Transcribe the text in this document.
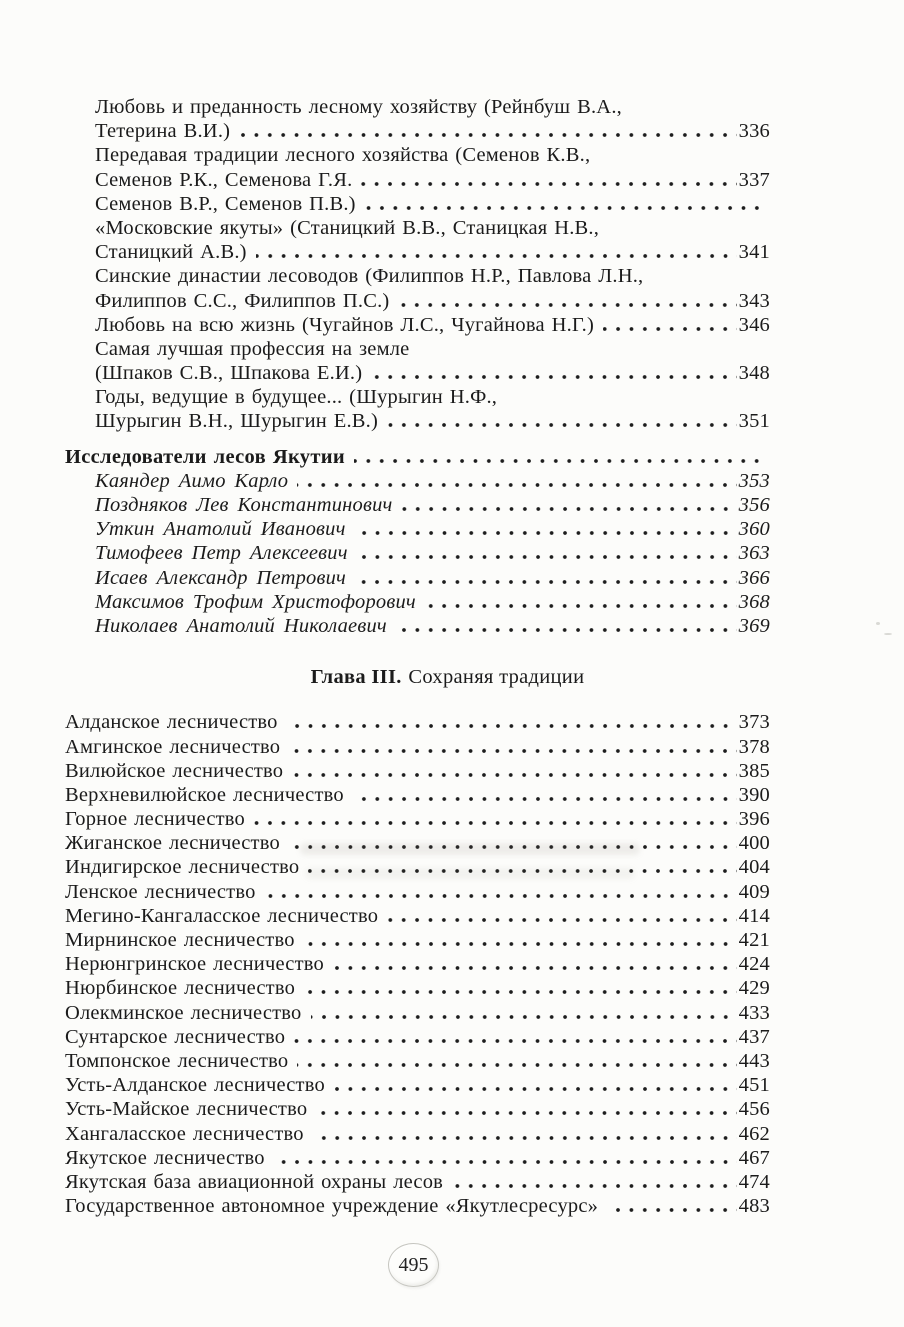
Любовь и преданность лесному хозяйству (Рейнбуш В.А.,
Тетерина В.И.)	336
Передавая традиции лесного хозяйства (Семенов К.В.,
Семенов Р.К., Семенова Г.Я.	337
Семенов В.Р., Семенов П.В.)
«Московские якуты» (Станицкий В.В., Станицкая Н.В.,
Станицкий А.В.)	341
Синские династии лесоводов (Филиппов Н.Р., Павлова Л.Н.,
Филиппов С.С., Филиппов П.С.)	343
Любовь на всю жизнь (Чугайнов Л.С., Чугайнова Н.Г.)	346
Самая лучшая профессия на земле
(Шпаков С.В., Шпакова Е.И.)	348
Годы, ведущие в будущее... (Шурыгин Н.Ф.,
Шурыгин В.Н., Шурыгин Е.В.)	351
Исследователи лесов Якутии
Каяндер Аимо Карло	353
Поздняков Лев Константинович	356
Уткин Анатолий Иванович	360
Тимофеев Петр Алексеевич	363
Исаев Александр Петрович	366
Максимов Трофим Христофорович	368
Николаев Анатолий Николаевич	369
Глава III. Сохраняя традиции
Алданское лесничество	373
Амгинское лесничество	378
Вилюйское лесничество	385
Верхневилюйское лесничество	390
Горное лесничество	396
Жиганское лесничество	400
Индигирское лесничество	404
Ленское лесничество	409
Мегино-Кангаласское лесничество	414
Мирнинское лесничество	421
Нерюнгринское лесничество	424
Нюрбинское лесничество	429
Олекминское лесничество	433
Сунтарское лесничество	437
Томпонское лесничество	443
Усть-Алданское лесничество	451
Усть-Майское лесничество	456
Хангаласское лесничество	462
Якутское лесничество	467
Якутская база авиационной охраны лесов	474
Государственное автономное учреждение «Якутлесресурс»	483
495
